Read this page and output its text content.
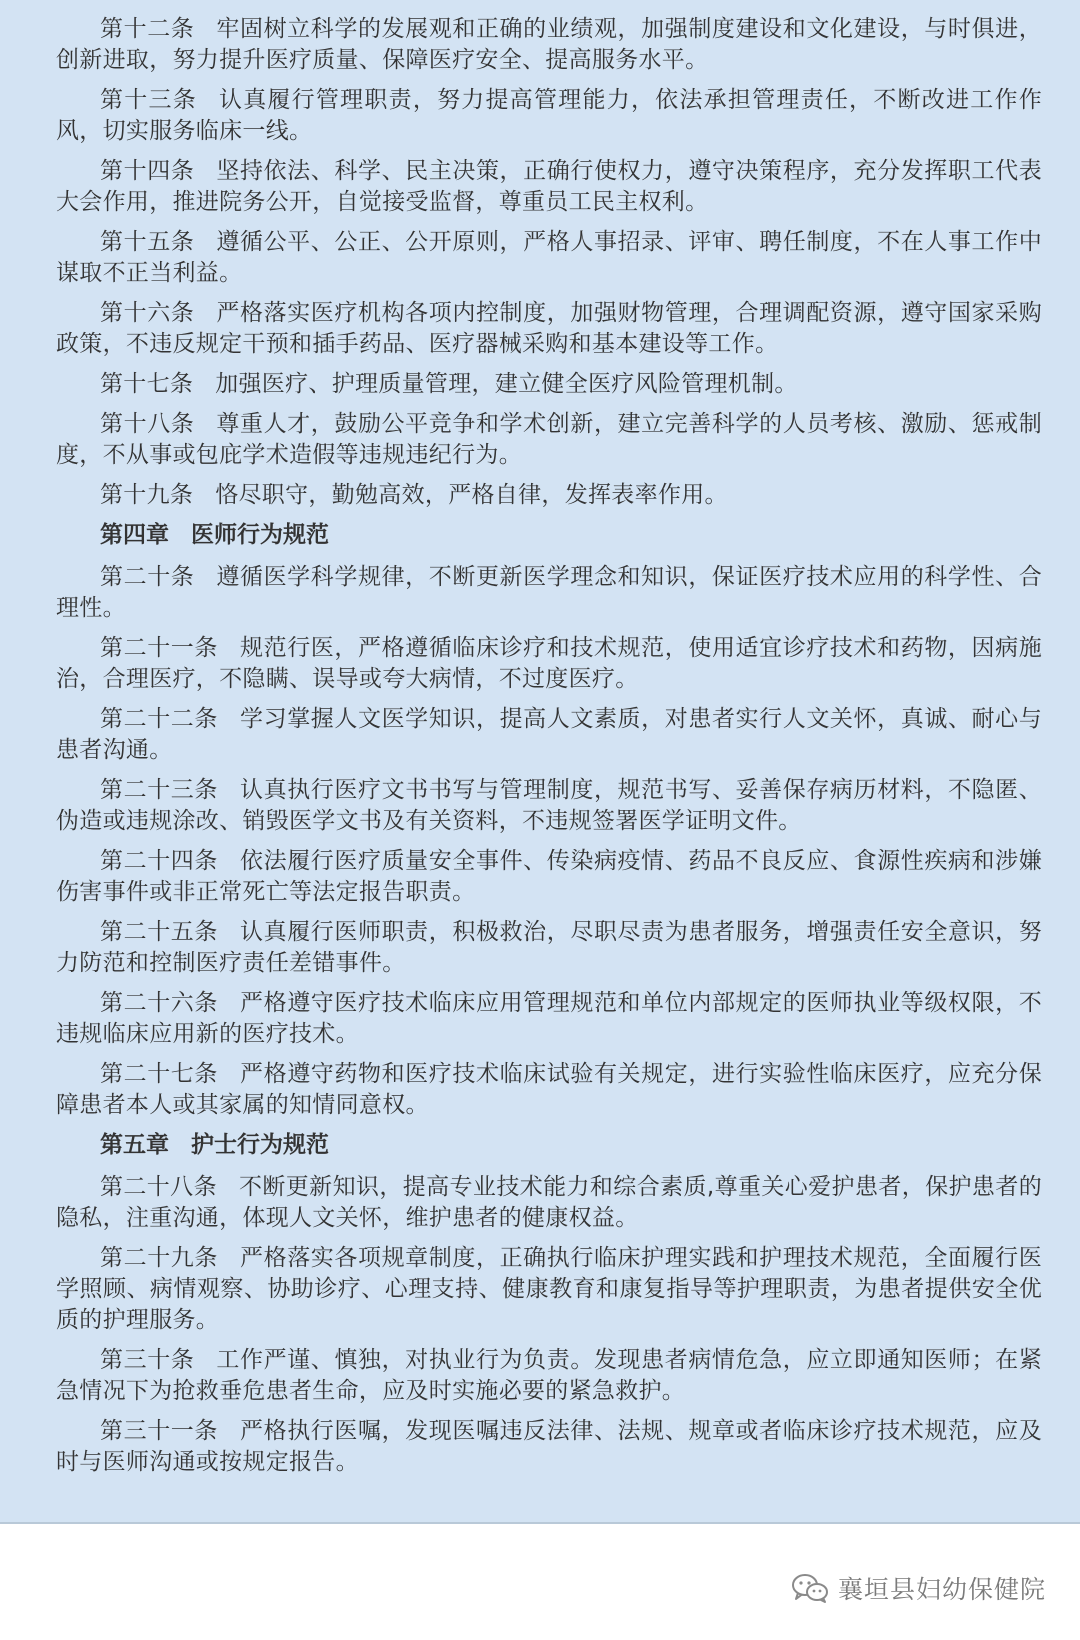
第十二条 牢固树立科学的发展观和正确的业绩观，加强制度建设和文化建设，与时俱进，创新进取，努力提升医疗质量、保障医疗安全、提高服务水平。

第十三条 认真履行管理职责，努力提高管理能力，依法承担管理责任，不断改进工作作风，切实服务临床一线。

第十四条 坚持依法、科学、民主决策，正确行使权力，遵守决策程序，充分发挥职工代表大会作用，推进院务公开，自觉接受监督，尊重员工民主权利。

第十五条 遵循公平、公正、公开原则，严格人事招录、评审、聘任制度，不在人事工作中谋取不正当利益。

第十六条 严格落实医疗机构各项内控制度，加强财物管理，合理调配资源，遵守国家采购政策，不违反规定干预和插手药品、医疗器械采购和基本建设等工作。

第十七条 加强医疗、护理质量管理，建立健全医疗风险管理机制。

第十八条 尊重人才，鼓励公平竞争和学术创新，建立完善科学的人员考核、激励、惩戒制度，不从事或包庇学术造假等违规违纪行为。

第十九条 恪尽职守，勤勉高效，严格自律，发挥表率作用。

第四章 医师行为规范

第二十条 遵循医学科学规律，不断更新医学理念和知识，保证医疗技术应用的科学性、合理性。

第二十一条 规范行医，严格遵循临床诊疗和技术规范，使用适宜诊疗技术和药物，因病施治，合理医疗，不隐瞒、误导或夸大病情，不过度医疗。

第二十二条 学习掌握人文医学知识，提高人文素质，对患者实行人文关怀，真诚、耐心与患者沟通。

第二十三条 认真执行医疗文书书写与管理制度，规范书写、妥善保存病历材料，不隐匿、伪造或违规涂改、销毁医学文书及有关资料，不违规签署医学证明文件。

第二十四条 依法履行医疗质量安全事件、传染病疫情、药品不良反应、食源性疾病和涉嫌伤害事件或非正常死亡等法定报告职责。

第二十五条 认真履行医师职责，积极救治，尽职尽责为患者服务，增强责任安全意识，努力防范和控制医疗责任差错事件。

第二十六条 严格遵守医疗技术临床应用管理规范和单位内部规定的医师执业等级权限，不违规临床应用新的医疗技术。

第二十七条 严格遵守药物和医疗技术临床试验有关规定，进行实验性临床医疗，应充分保障患者本人或其家属的知情同意权。

第五章 护士行为规范

第二十八条 不断更新知识，提高专业技术能力和综合素质,尊重关心爱护患者，保护患者的隐私，注重沟通，体现人文关怀，维护患者的健康权益。

第二十九条 严格落实各项规章制度，正确执行临床护理实践和护理技术规范，全面履行医学照顾、病情观察、协助诊疗、心理支持、健康教育和康复指导等护理职责，为患者提供安全优质的护理服务。

第三十条 工作严谨、慎独，对执业行为负责。发现患者病情危急，应立即通知医师；在紧急情况下为抢救垂危患者生命，应及时实施必要的紧急救护。

第三十一条 严格执行医嘱，发现医嘱违反法律、法规、规章或者临床诊疗技术规范，应及时与医师沟通或按规定报告。

襄垣县妇幼保健院
